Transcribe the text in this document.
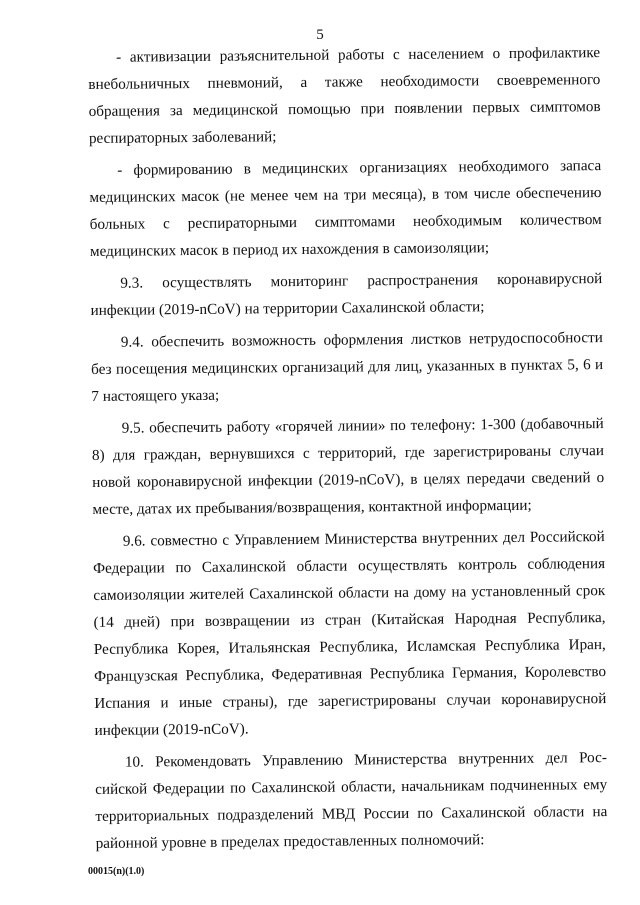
5

- активизации разъяснительной работы с населением о профилактике внебольничных пневмоний, а также необходимости своевременного обращения за медицинской помощью при появлении первых симптомов респираторных заболеваний;

- формированию в медицинских организациях необходимого запаса медицинских масок (не менее чем на три месяца), в том числе обеспечению больных с респираторными симптомами необходимым количеством медицинских масок в период их нахождения в самоизоляции;

9.3. осуществлять мониторинг распространения коронавирусной инфекции (2019-nCoV) на территории Сахалинской области;

9.4. обеспечить возможность оформления листков нетрудоспособности без посещения медицинских организаций для лиц, указанных в пунктах 5, 6 и 7 настоящего указа;

9.5. обеспечить работу «горячей линии» по телефону: 1-300 (добавочный 8) для граждан, вернувшихся с территорий, где зарегистрированы случаи новой коронавирусной инфекции (2019-nCoV), в целях передачи сведений о месте, датах их пребывания/возвращения, контактной информации;

9.6. совместно с Управлением Министерства внутренних дел Российской Федерации по Сахалинской области осуществлять контроль соблюдения самоизоляции жителей Сахалинской области на дому на установленный срок (14 дней) при возвращении из стран (Китайская Народная Республика, Республика Корея, Итальянская Республика, Исламская Республика Иран, Французская Республика, Федеративная Республика Германия, Королевство Испания и иные страны), где зарегистрированы случаи коронавирусной инфекции (2019-nCoV).

10. Рекомендовать Управлению Министерства внутренних дел Российской Федерации по Сахалинской области, начальникам подчиненных ему территориальных подразделений МВД России по Сахалинской области на районной уровне в пределах предоставленных полномочий:

00015(n)(1.0)
